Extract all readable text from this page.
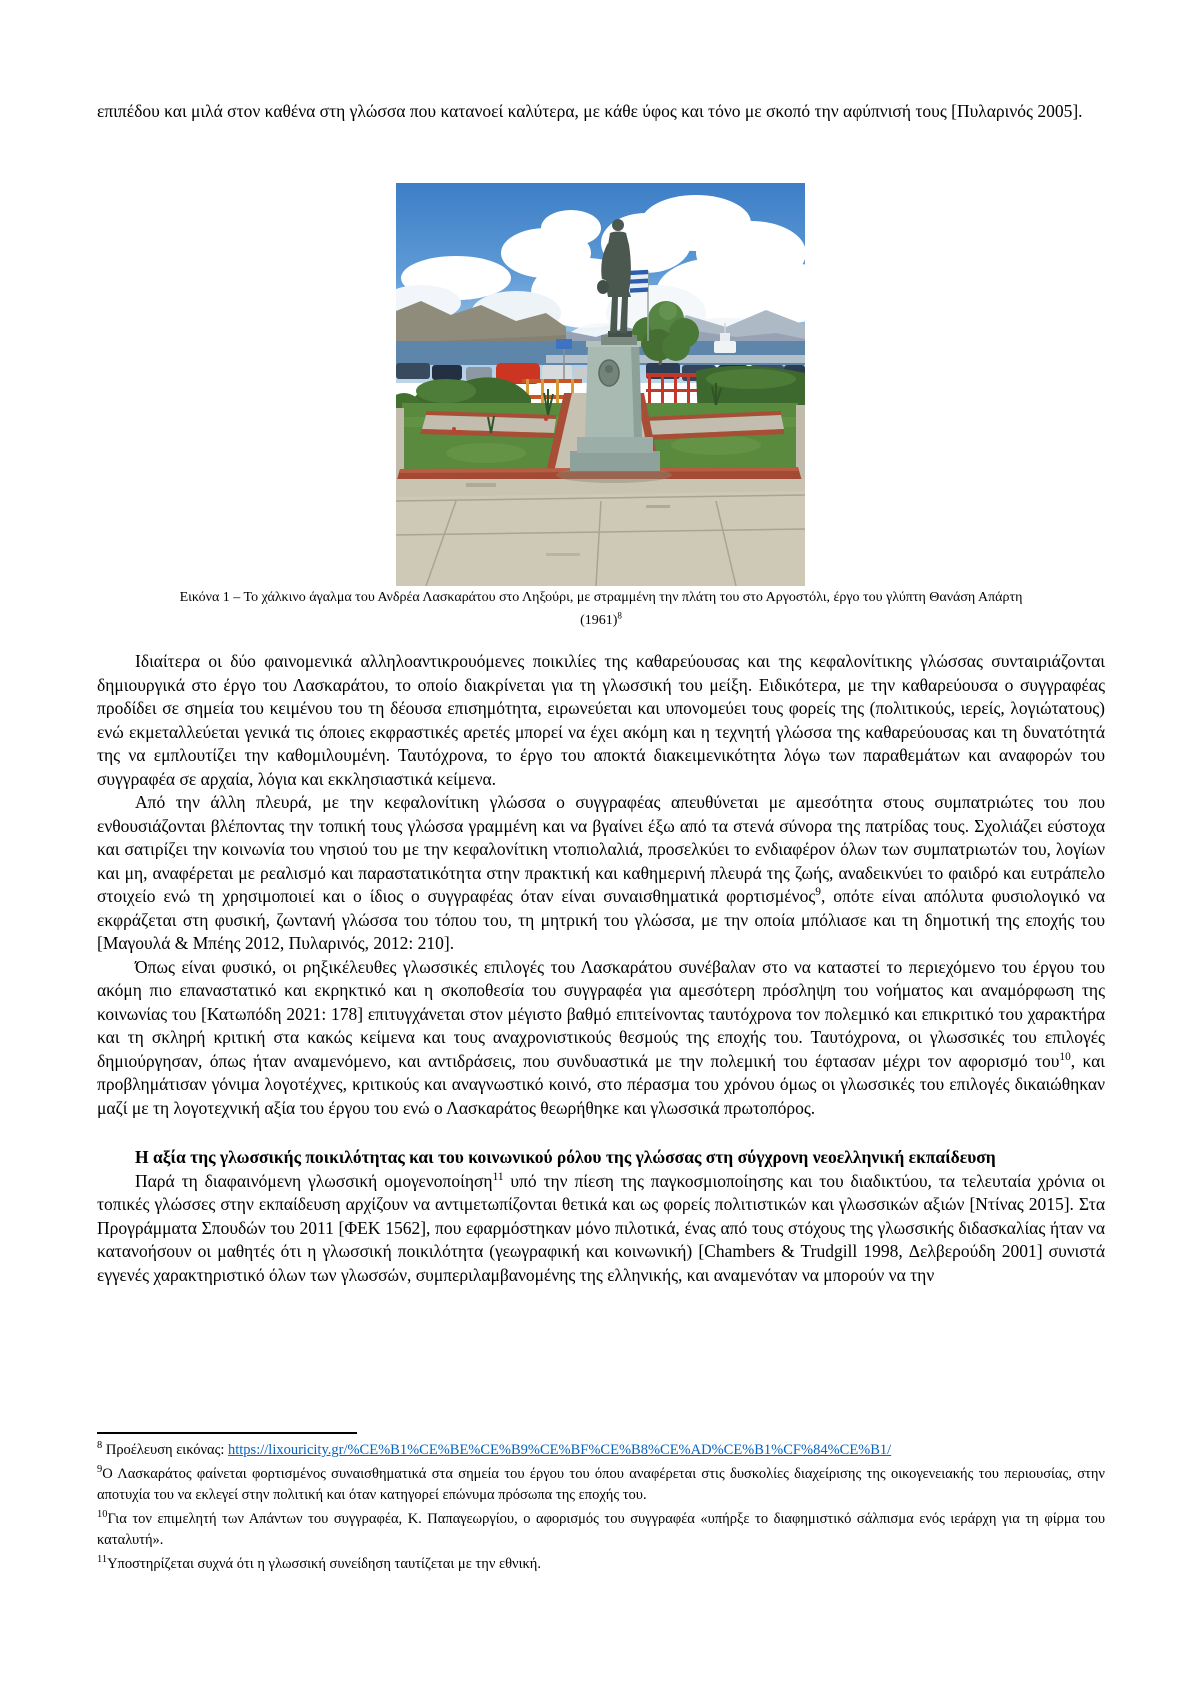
επιπέδου και μιλά στον καθένα στη γλώσσα που κατανοεί καλύτερα, με κάθε ύφος και τόνο με σκοπό την αφύπνισή τους [Πυλαρινός 2005].
Εικόνα 1 – Το χάλκινο άγαλμα του Ανδρέα Λασκαράτου στο Ληξούρι, με στραμμένη την πλάτη του στο Αργοστόλι, έργο του γλύπτη Θανάση Απάρτη
$(1961)^8$

Ιδιαίτερα οι δύο φαινομενικά αλληλοαντικρουόμενες ποικιλίες της καθαρεύουσας και της κεφαλονίτικης γλώσσας συνταιριάζονται δημιουργικά στο έργο του Λασκαράτου, το οποίο διακρίνεται για τη γλωσσική του μείξη. Ειδικότερα, με την καθαρεύουσα ο συγγραφέας προδίδει σε σημεία του κειμένου του τη δέουσα επισημότητα, ειρωνεύεται και υπονομεύει τους φορείς της (πολιτικούς, ιερείς, λογιώτατους) ενώ εκμεταλλεύεται γενικά τις όποιες εκφραστικές αρετές μπορεί να έχει ακόμη και η τεχνητή γλώσσα της καθαρεύουσας και τη δυνατότητά της να εμπλουτίζει την καθομιλουμένη. Ταυτόχρονα, το έργο του αποκτά διακειμενικότητα λόγω των παραθεμάτων και αναφορών του συγγραφέα σε αρχαία, λόγια και εκκλησιαστικά κείμενα.

Από την άλλη πλευρά, με την κεφαλονίτικη γλώσσα ο συγγραφέας απευθύνεται με αμεσότητα στους συμπατριώτες του που ενθουσιάζονται βλέποντας την τοπική τους γλώσσα γραμμένη και να βγαίνει έξω από τα στενά σύνορα της πατρίδας τους. Σχολιάζει εύστοχα και σατιρίζει την κοινωνία του νησιού του με την κεφαλονίτικη ντοπιολαλιά, προσελκύει το ενδιαφέρον όλων των συμπατριωτών του, λογίων και μη, αναφέρεται με ρεαλισμό και παραστατικότητα στην πρακτική και καθημερινή πλευρά της ζωής, αναδεικνύει το φαιδρό και ευτράπελο στοιχείο ενώ τη χρησιμοποιεί και ο ίδιος ο συγγραφέας όταν είναι συναισθηματικά φορτισμένος$^9$, οπότε είναι απόλυτα φυσιολογικό να εκφράζεται στη φυσική, ζωντανή γλώσσα του τόπου του, τη μητρική του γλώσσα, με την οποία μπόλιασε και τη δημοτική της εποχής του [Μαγουλά & Μπέης 2012, Πυλαρινός, 2012: 210].

Όπως είναι φυσικό, οι ρηξικέλευθες γλωσσικές επιλογές του Λασκαράτου συνέβαλαν στο να καταστεί το περιεχόμενο του έργου του ακόμη πιο επαναστατικό και εκρηκτικό και η σκοποθεσία του συγγραφέα για αμεσότερη πρόσληψη του νοήματος και αναμόρφωση της κοινωνίας του [Κατωπόδη 2021: 178] επιτυγχάνεται στον μέγιστο βαθμό επιτείνοντας ταυτόχρονα τον πολεμικό και επικριτικό του χαρακτήρα και τη σκληρή κριτική στα κακώς κείμενα και τους αναχρονιστικούς θεσμούς της εποχής του. Ταυτόχρονα, οι γλωσσικές του επιλογές δημιούργησαν, όπως ήταν αναμενόμενο, και αντιδράσεις, που συνδυαστικά με την πολεμική του έφτασαν μέχρι τον αφορισμό του$^{10}$, και προβλημάτισαν γόνιμα λογοτέχνες, κριτικούς και αναγνωστικό κοινό, στο πέρασμα του χρόνου όμως οι γλωσσικές του επιλογές δικαιώθηκαν μαζί με τη λογοτεχνική αξία του έργου του ενώ ο Λασκαράτος θεωρήθηκε και γλωσσικά πρωτοπόρος.

Η αξία της γλωσσικής ποικιλότητας και του κοινωνικού ρόλου της γλώσσας στη σύγχρονη νεοελληνική εκπαίδευση

Παρά τη διαφαινόμενη γλωσσική ομογενοποίηση$^{11}$ υπό την πίεση της παγκοσμιοποίησης και του διαδικτύου, τα τελευταία χρόνια οι τοπικές γλώσσες στην εκπαίδευση αρχίζουν να αντιμετωπίζονται θετικά και ως φορείς πολιτιστικών και γλωσσικών αξιών [Ντίνας 2015]. Στα Προγράμματα Σπουδών του 2011 [ΦΕΚ 1562], που εφαρμόστηκαν μόνο πιλοτικά, ένας από τους στόχους της γλωσσικής διδασκαλίας ήταν να κατανοήσουν οι μαθητές ότι η γλωσσική ποικιλότητα (γεωγραφική και κοινωνική) [Chambers & Trudgill 1998, Δελβερούδη 2001] συνιστά εγγενές χαρακτηριστικό όλων των γλωσσών, συμπεριλαμβανομένης της ελληνικής, και αναμενόταν να μπορούν να την

$^8$ Προέλευση εικόνας: https://lixouricity.gr/%CE%B1%CE%BE%CE%B9%CE%BF%CE%B8%CE%AD%CE%B1%CF%84%CE%B1/
$^9$Ο Λασκαράτος φαίνεται φορτισμένος συναισθηματικά στα σημεία του έργου του όπου αναφέρεται στις δυσκολίες διαχείρισης της οικογενειακής του περιουσίας, στην αποτυχία του να εκλεγεί στην πολιτική και όταν κατηγορεί επώνυμα πρόσωπα της εποχής του.
$^{10}$Για τον επιμελητή των Απάντων του συγγραφέα, Κ. Παπαγεωργίου, ο αφορισμός του συγγραφέα «υπήρξε το διαφημιστικό σάλπισμα ενός ιεράρχη για τη φίρμα του καταλυτή».
$^{11}$Υποστηρίζεται συχνά ότι η γλωσσική συνείδηση ταυτίζεται με την εθνική.
